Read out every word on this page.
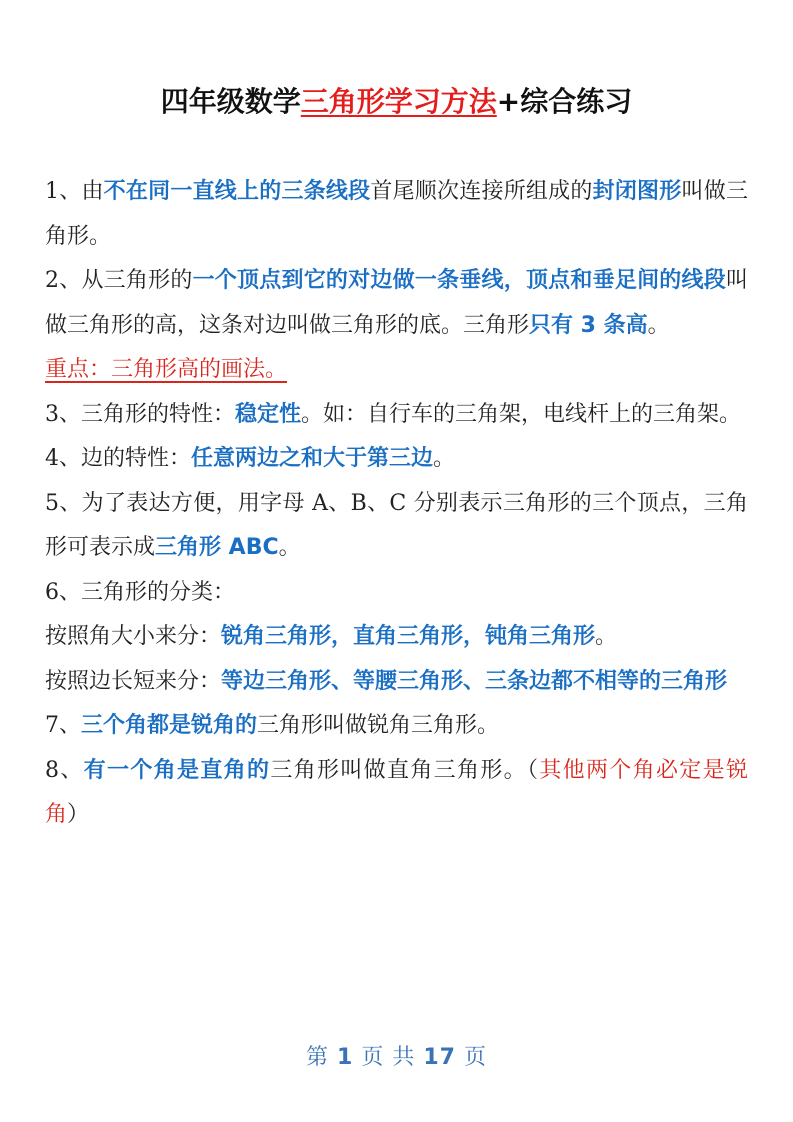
四年级数学三角形学习方法+综合练习

1、由不在同一直线上的三条线段首尾顺次连接所组成的封闭图形叫做三角形。

2、从三角形的一个顶点到它的对边做一条垂线，顶点和垂足间的线段叫做三角形的高，这条对边叫做三角形的底。三角形只有 3 条高。

重点：三角形高的画法。

3、三角形的特性：稳定性。如：自行车的三角架，电线杆上的三角架。

4、边的特性：任意两边之和大于第三边。

5、为了表达方便，用字母 A、B、C 分别表示三角形的三个顶点，三角形可表示成三角形 ABC。

6、三角形的分类：

按照角大小来分：锐角三角形，直角三角形，钝角三角形。

按照边长短来分：等边三角形、等腰三角形、三条边都不相等的三角形

7、三个角都是锐角的三角形叫做锐角三角形。

8、有一个角是直角的三角形叫做直角三角形。（其他两个角必定是锐角）

第 1 页 共 17 页
